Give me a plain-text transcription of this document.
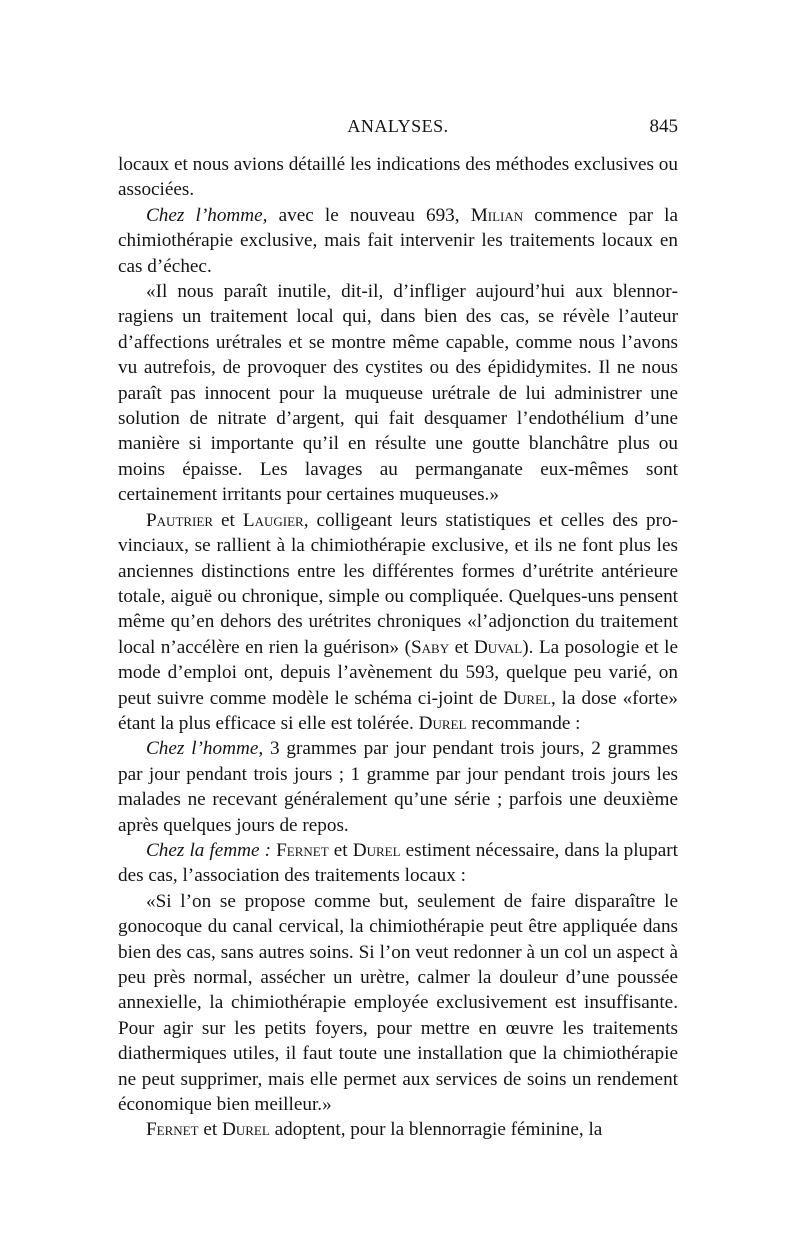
ANALYSES.	845

locaux et nous avions détaillé les indications des méthodes exclusives ou associées.

Chez l’homme, avec le nouveau 693, Milian commence par la chimiothérapie exclusive, mais fait intervenir les traitements locaux en cas d’échec.

«Il nous paraît inutile, dit-il, d’infliger aujourd’hui aux blennorragiens un traitement local qui, dans bien des cas, se révèle l’auteur d’affections urétrales et se montre même capable, comme nous l’avons vu autrefois, de provoquer des cystites ou des épididymites. Il ne nous paraît pas innocent pour la muqueuse urétrale de lui administrer une solution de nitrate d’argent, qui fait desquamer l’endothélium d’une manière si importante qu’il en résulte une goutte blanchâtre plus ou moins épaisse. Les lavages au permanganate eux-mêmes sont certainement irritants pour certaines muqueuses.»

Pautrier et Laugier, colligeant leurs statistiques et celles des provinciaux, se rallient à la chimiothérapie exclusive, et ils ne font plus les anciennes distinctions entre les différentes formes d’urétrite antérieure totale, aiguë ou chronique, simple ou compliquée. Quelques-uns pensent même qu’en dehors des urétrites chroniques «l’adjonction du traitement local n’accélère en rien la guérison» (Saby et Duval). La posologie et le mode d’emploi ont, depuis l’avènement du 593, quelque peu varié, on peut suivre comme modèle le schéma ci-joint de Durel, la dose «forte» étant la plus efficace si elle est tolérée. Durel recommande :

Chez l’homme, 3 grammes par jour pendant trois jours, 2 grammes par jour pendant trois jours ; 1 gramme par jour pendant trois jours les malades ne recevant généralement qu’une série ; parfois une deuxième après quelques jours de repos.

Chez la femme : Fernet et Durel estiment nécessaire, dans la plupart des cas, l’association des traitements locaux :

«Si l’on se propose comme but, seulement de faire disparaître le gonocoque du canal cervical, la chimiothérapie peut être appliquée dans bien des cas, sans autres soins. Si l’on veut redonner à un col un aspect à peu près normal, assécher un urètre, calmer la douleur d’une poussée annexielle, la chimiothérapie employée exclusivement est insuffisante. Pour agir sur les petits foyers, pour mettre en œuvre les traitements diathermiques utiles, il faut toute une installation que la chimiothérapie ne peut supprimer, mais elle permet aux services de soins un rendement économique bien meilleur.»

Fernet et Durel adoptent, pour la blennorragie féminine, la
